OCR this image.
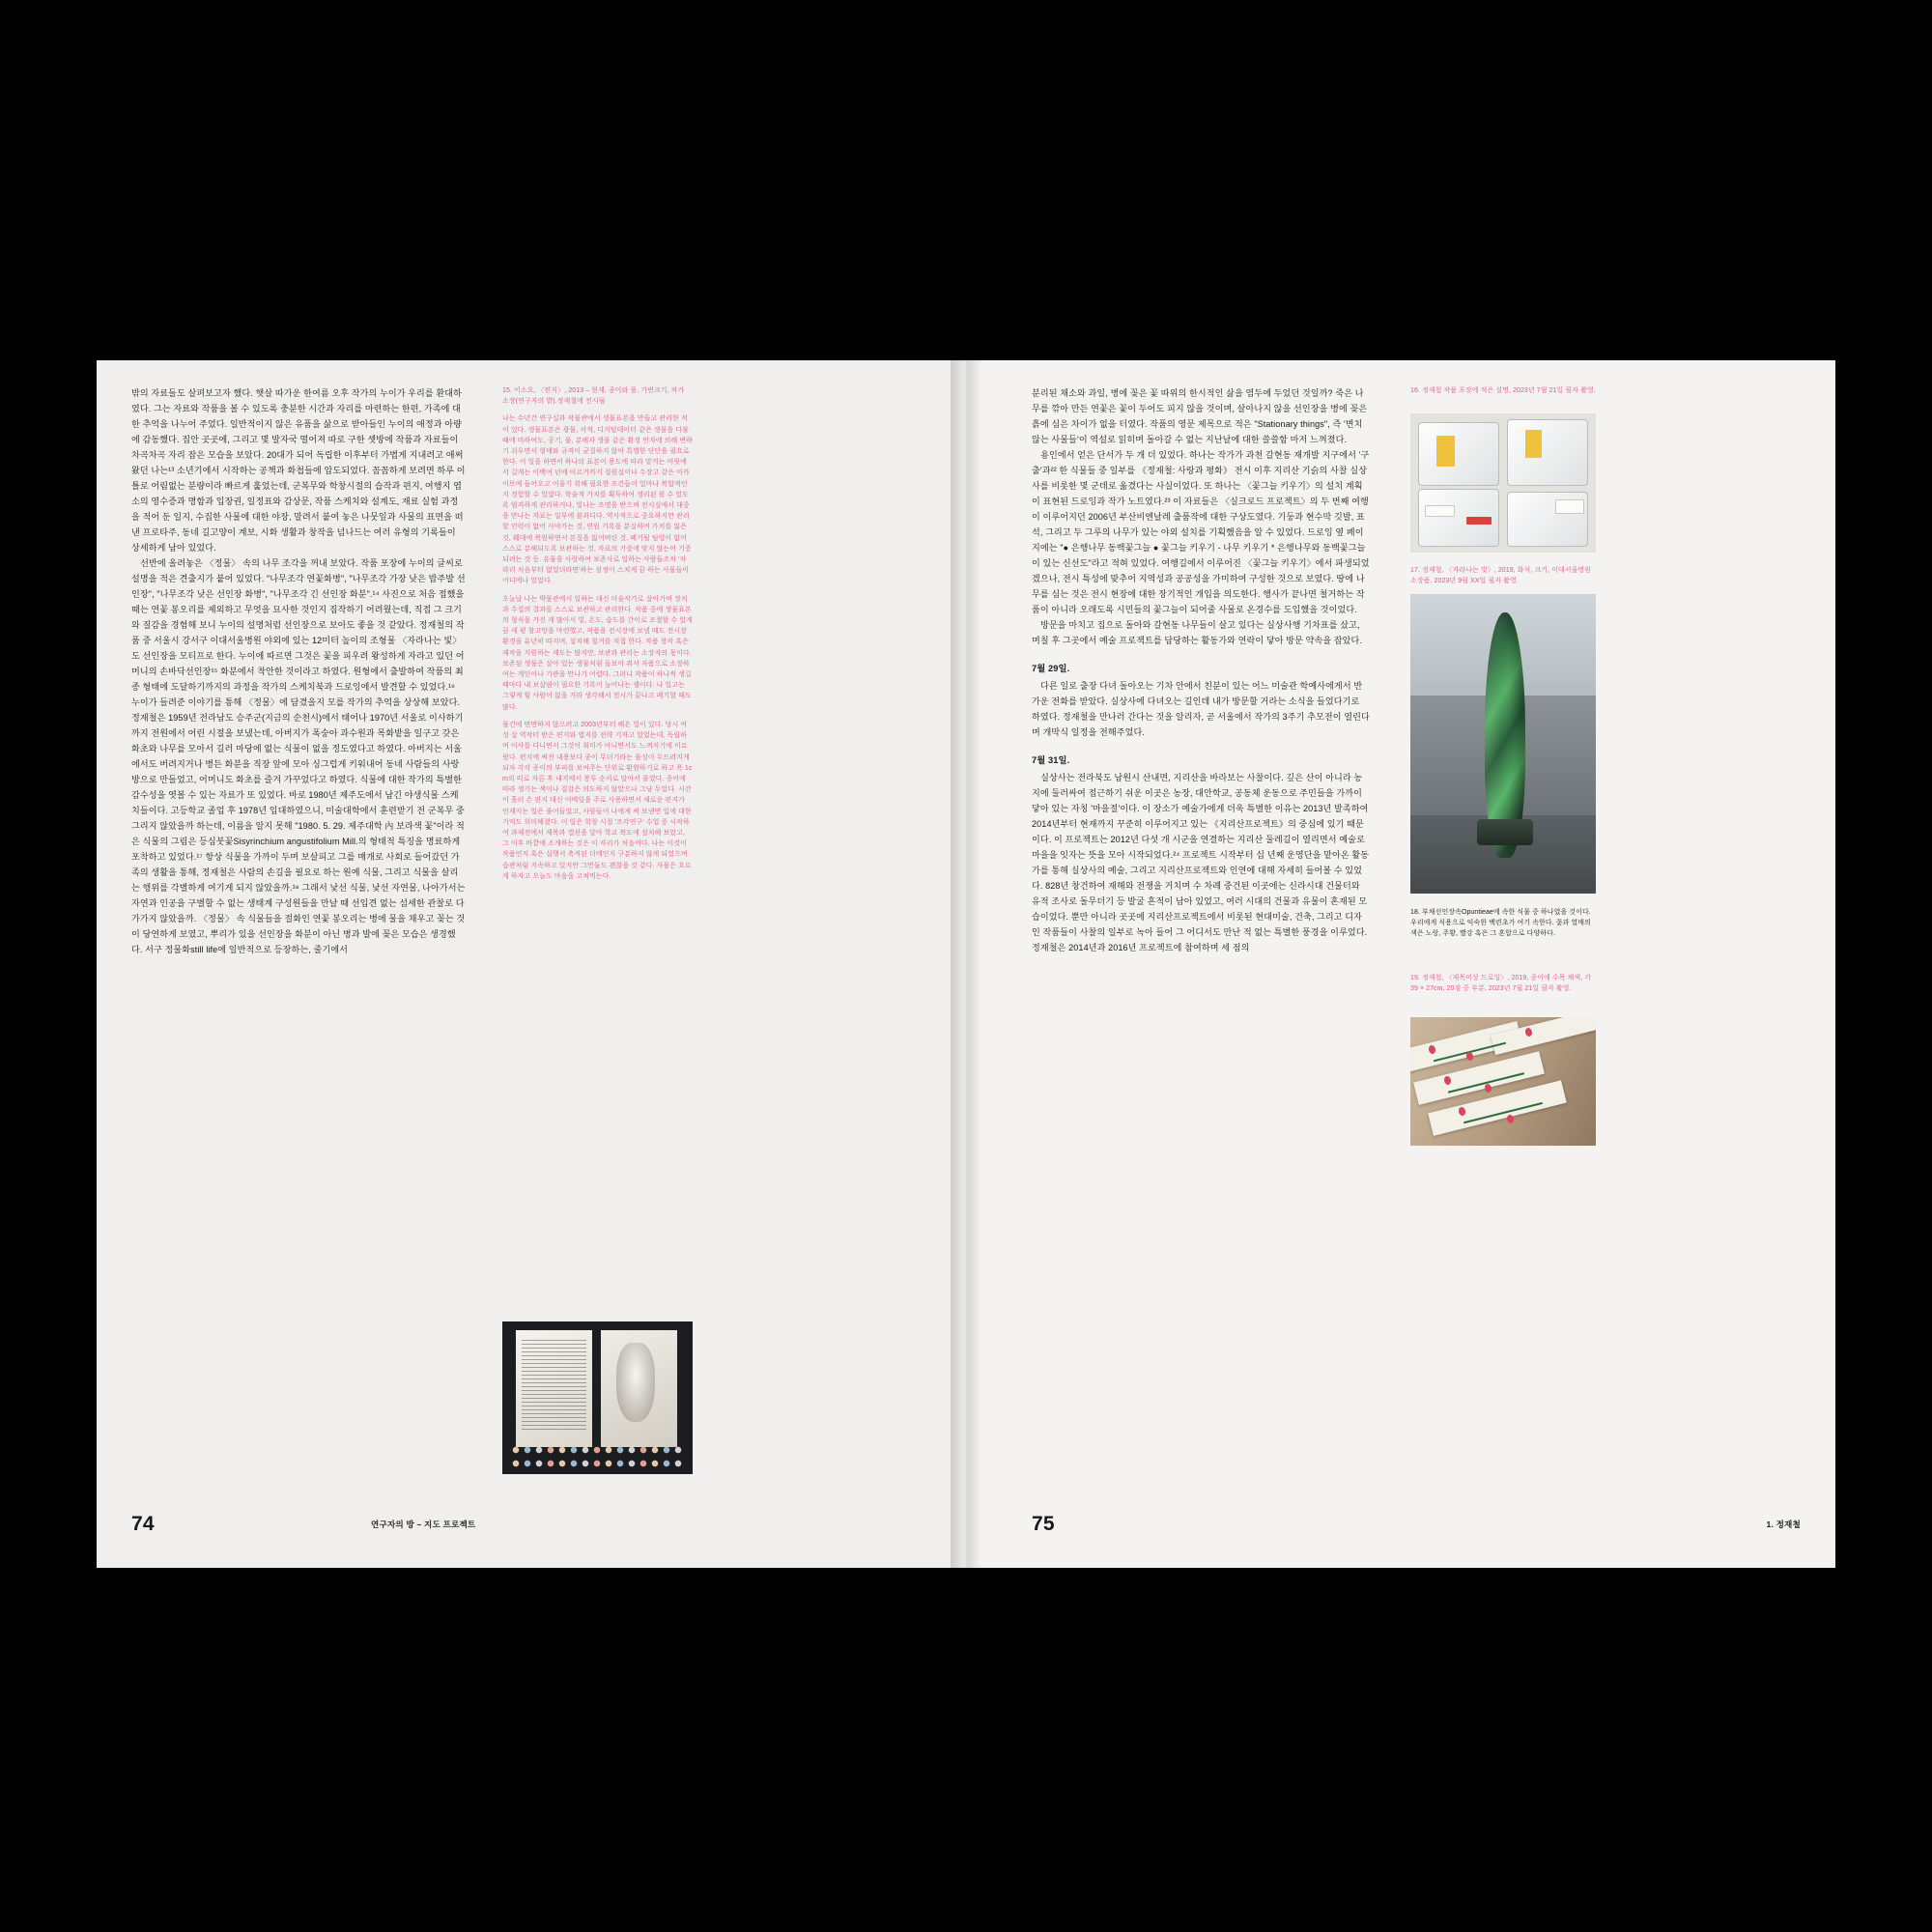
밖의 자료들도 살펴보고자 했다. 햇살 따가운 한여름 오후 작가의 누이가 우리를 환대하였다. 그는 자료와 작품을 볼 수 있도록 충분한 시간과 자리를 마련하는 한편, 가족에 대한 추억을 나누어 주었다. 일반적이지 않은 유품을 삶으로 받아들인 누이의 애정과 아량에 감동했다. 집안 곳곳에, 그리고 몇 발자국 떨어져 따로 구한 셋방에 작품과 자료들이 차곡차곡 자리 잡은 모습을 보았다. 20대가 되어 독립한 이후부터 가볍게 지내려고 애써왔던 나는¹³ 소년기에서 시작하는 공책과 화첩들에 압도되었다. 꼼꼼하게 보려면 하루 이틀로 어림없는 분량이라 빠르게 훑었는데, 군복무와 학창시절의 습작과 편지, 여행지 엽소의 영수증과 명함과 입장권, 일정표와 감상문, 작품 스케치와 설계도, 재료 실험 과정을 적어 둔 일지, 수집한 사물에 대한 야장, 말려서 붙여 놓은 나뭇잎과 사물의 표면을 떠낸 프로타주, 동네 길고양이 계보, 시화 생활과 창작을 넘나드는 여러 유형의 기록들이 상세하게 남아 있었다.

선반에 올려놓은 〈정물〉 속의 나무 조각을 꺼내 보았다. 작품 포장에 누이의 글씨로 설명을 적은 견출지가 붙어 있었다. "나무조각 연꽃화병", "나무조각 가장 낮은 밥주발 선인장", "나무조각 낮은 선인장 화병", "나무조각 긴 선인장 화분".¹⁴ 사진으로 처음 접했을 때는 연꽃 봉오리를 제외하고 무엇을 묘사한 것인지 짐작하기 어려웠는데, 직접 그 크기와 질감을 경험해 보니 누이의 설명처럼 선인장으로 보아도 좋을 것 같았다. 정재철의 작품 중 서울시 강서구 이대서울병원 야외에 있는 12미터 높이의 조형물 〈자라나는 빛〉도 선인장을 모티프로 한다. 누이에 따르면 그것은 꽃을 피우려 왕성하게 자라고 있던 어머니의 손바닥선인장¹⁵ 화분에서 착안한 것이라고 하였다. 원형에서 출발하여 작품의 최종 형태에 도달하기까지의 과정을 작가의 스케치북과 드로잉에서 발견할 수 있었다.¹⁶ 누이가 들려준 이야기를 통해 〈정물〉에 담겼을지 모를 작가의 추억을 상상해 보았다. 정재철은 1959년 전라남도 승주군(지금의 순천시)에서 태어나 1970년 서울로 이사하기까지 전원에서 어린 시절을 보냈는데, 아버지가 폭숭아 과수원과 목화밭을 일구고 갖은 화초와 나무를 모아서 길러 마당에 없는 식물이 없을 정도였다고 하였다. 아버지는 서울에서도 버려지거나 병든 화분을 직장 앞에 모아 싱그럽게 키워내어 동네 사람들의 사랑방으로 만들었고, 어머니도 화초를 즐겨 가꾸었다고 하였다. 식물에 대한 작가의 특별한 감수성을 엿볼 수 있는 자료가 또 있었다. 바로 1980년 제주도에서 남긴 야생식물 스케치들이다. 고등학교 졸업 후 1978년 입대하였으니, 미술대학에서 훈련받기 전 군복무 중 그리지 않았을까 하는데, 이름을 알지 못해 "1980. 5. 29. 제주대학 內 보라색 꽃"이라 적은 식물의 그림은 등심붓꽃Sisyrinchium angustifolium Mill.의 형태적 특징을 명료하게 포착하고 있었다.¹⁷ 항상 식물을 가까이 두며 보살피고 그를 매개로 사회로 들어갔던 가족의 생활을 통해, 정재철은 사람의 손길을 필요로 하는 원예 식물, 그리고 식물을 살리는 행위를 각별하게 여기게 되지 않았을까.¹⁸ 그래서 낯선 식물, 낯선 자연물, 나아가서는 자연과 인공을 구별할 수 없는 생태계 구성원들을 만날 때 선입견 없는 섬세한 관찰로 다가가지 않았을까. 〈정물〉 속 식물들을 절화인 연꽃 봉오리는 병에 물을 채우고 꽂는 것이 당연하게 보였고, 뿌리가 있을 선인장을 화분이 아닌 병과 발에 꽂은 모습은 생경했다. 서구 정물화still life에 일반적으로 등장하는, 줄기에서

15. 이소요, 〈편지〉, 2013 – 현재, 종이와 풀, 가변크기, 작가 소장(연구자의 밭).정재철에 전시됨

나는 수년간 연구실과 작물관에서 생물표본을 만들고 관리한 적이 있다. 생물표본은 광물, 서적, 디지털데이터 같은 생물을 다룰 때에 비하여도, 공기, 물, 분해자 생물 같은 환경 인자에 의해 변하기 쉬우면서 형태와 규격이 균질하지 않아 특별한 단단을 필요로 한다. 이 일을 하면서 하나의 표본이 용도에 따라 맡겨는 머릿에서 길게는 이백여 년에 이르기까지 질원실이나 수장고 같은 아카이브에 들어오고 어울기 위해 필요한 조건들이 얼마나 복합적인지 경험할 수 있었다. 학술적 가치를 획득하여 정리된 볼 수 있도록 엄격하게 관리하거나, 빛나는 조명을 받으며 전시실에서 대중을 만나는 자료는 일부에 불과디다. 역사적으로 중요하지만 관리할 인력이 없어 사야가는 것, 연원 기록을 분실하며 가치를 잃은 것, 훼대에 복원하면서 본질을 잃어버린 것, 폐기될 팀렬이 없어 스스로 분해되도록 보관하는 것, 자료의 기증에 맞지 않는어 기증되려는 것 등. 유물을 사랑하여 보존사로 일하는 사람들조차 '차라리 처음부터 없었더라면'하는 심정이 스치게 끔 하는 사물들이 어디에나 있었다.

오늘날 나는 박물관에서 일하는 대신 미술작가로 살아가며 장치과 수집의 결과를 스스로 보관하고 관리한다. 작품 중에 생물표본의 형식을 가진 게 많아서 빛, 온도, 습도를 간이로 조절할 수 있게끔 세 평 창고망을 마련했고, 작품을 전시장에 보낼 때도 전시장 환경을 유년히 따지며, 설치해 철거를 직접 한다. 작품 장작 혹은 제작을 지원하는 제도는 많지만, 보관과 관리는 소장자의 몫이다. 보존된 생물은 살아 있는 생물처럼 돌보아 줘서 자품으로 소장하여는 개인이나 기관을 만나기 어렵다. 그러니 작품이 하나씩 생길 때마다 내 보살핌이 필요한 기록이 늘어나는 셈이다. 나 일고는 그렇게 힘 사람이 없을 거라 생각해서 전시가 끝나고 폐기할 때도 많다.

물건에 면면하지 않으려고 2003년부터 해온 일이 있다. 당시 여성 살 역작터 받은 편지와 엽지를 전략 기자고 있었는데, 독립하며 이사를 다니면서 그것이 취미가 아니면서도 느껴지기에 이르렀다. 편지에 써진 내용보다 종이 무더기라는 물성이 두드러지게 되자 각각 종이의 부피를 보여주는 단위로 환원하기로 하고 폭 1cm의 띠로 자른 후 내지에서 봉투 순서로 말아서 붙였다. 종이에 따라 생기는 섹이나 질감은 의도하지 않았으나 그냥 두었다. 시간이 흘러 손 편지 대신 이메일을 주로 사용하면서 새로운 편지가 언제지는 일은 줄어들었고, 사람들이 나에게 써 보낸면 입에 대한 기억도 희미해졌다. 이 일은 학창 시절 '조각연구' 수업 중 시작하여 과제전에서 제목과 캡션을 달아 학교 복도에 설치해 보았고, 그 이후 바깥에 소개하는 것은 이 자리가 처음이다. 나는 이것이 작품인지 혹은 실행서 축적된 더메인지 구분하지 않게 되었으며 습관처럼 지속하고 있지만 그만둘도 괜찮을 것 같다. 사물은 흐르게 하자고 오늘도 마음을 고쳐먹는다.

74	연구자의 방 – 지도 프로젝트

분리된 채소와 과일, 병에 꽂은 꽃 따위의 한시적인 삶을 염두에 두었던 것일까? 죽은 나무를 깎아 만든 연꽃은 꽃이 두어도 피지 않을 것이며, 살아나지 않을 선인장을 병에 꽂은 흙에 심은 차이가 없을 터였다. 작품의 영문 제목으로 적은 "Stationary things", 즉 '변치 않는 사물들'이 역설로 읽히며 돌아갈 수 없는 지난날에 대한 쓸쓸함 마저 느껴졌다.

용인에서 얻은 단서가 두 개 더 있었다. 하나는 작가가 과천 갈현동 재개발 지구에서 '구출'과²² 한 식물들 중 일부를 《정재철: 사랑과 평화》 전시 이후 지리산 기슭의 사찰 실상사를 비롯한 몇 군데로 옮겼다는 사실이었다. 또 하나는 〈꽃그늘 키우기〉의 설치 계획이 표현된 드로잉과 작가 노트였다.²³ 이 자료들은 〈실크로드 프로젝트〉의 두 번째 여행이 이루어지던 2006년 부산비엔날레 출품작에 대한 구상도였다. 기둥과 현수막 깃발, 표석, 그리고 두 그루의 나무가 있는 야외 설치를 기획했음을 알 수 있었다. 드로잉 옆 페이지에는 "● 은행나무 동백꽃그늘 ● 꽃그늘 키우기 - 나무 키우기 * 은행나무와 동백꽃그늘이 있는 신선도"라고 적혀 있었다. 여행길에서 이루어진 〈꽃그늘 키우기〉에서 파생되었겠으나, 전시 특성에 맞추어 지역성과 공공성을 가미하여 구성한 것으로 보였다. 땅에 나무를 심는 것은 전시 현장에 대한 장기적인 개입을 의도한다. 행사가 끝나면 철거하는 작품이 아니라 오래도록 시민들의 꽃그늘이 되어줄 사물로 온경수를 도입했을 것이었다.

방문을 마치고 집으로 돌아와 갈현동 나무들이 살고 있다는 실상사행 기차표를 샀고, 며칠 후 그곳에서 예술 프로젝트를 담당하는 활동가와 연락이 닿아 방문 약속을 잡았다.

7월 29일.

다른 일로 출장 다녀 돌아오는 기차 안에서 친분이 있는 어느 미술관 학예사에게서 반가운 전화를 받았다. 실상사에 다녀오는 길인데 내가 방문할 거라는 소식을 들었다기로 하였다. 정재철을 만나러 간다는 것을 알리자, 곧 서울에서 작가의 3주기 추모전이 열린다며 개막식 일정을 전해주었다.

7월 31일.

실상사는 전라북도 남원시 산내면, 지리산을 바라보는 사찰이다. 깊은 산이 아니라 농지에 둘러싸여 접근하기 쉬운 이곳은 농장, 대안학교, 공동체 운동으로 주민들을 가까이 닿아 있는 자칭 '마을절'이다. 이 장소가 예술가에게 더욱 특별한 이유는 2013년 발족하여 2014년부터 현재까지 꾸준히 이루어지고 있는 《지리산프로젝트》의 중심에 있기 때문이다. 이 프로젝트는 2012년 다섯 개 시군을 연결하는 지리산 둘레길이 열리면서 예술로 마을을 잇자는 뜻을 모아 시작되었다.²⁴ 프로젝트 시작부터 십 년째 운영단을 맡아온 활동가를 통해 실상사의 예술, 그리고 지리산프로젝트와 인연에 대해 자세히 들어볼 수 있었다. 828년 창건하여 재해와 전쟁을 거치며 수 차례 중건된 이곳에는 신라시대 건물터와 유적 조사로 돌무더기 등 발굴 흔적이 남아 있었고, 여러 시대의 건물과 유물이 혼재된 모습이었다. 뿐만 아니라 곳곳에 지리산프로젝트에서 비롯된 현대미술, 건축, 그리고 디자인 작품들이 사찰의 일부로 녹아 들어 그 어디서도 만난 적 없는 특별한 풍경을 이루었다. 정재철은 2014년과 2016년 프로젝트에 참여하며 세 점의

16. 정재철 작품 포장에 적은 설명, 2023년 7월 21일 필자 촬영.
17. 정재철, 〈자라나는 빛〉, 2019, 화석, 크기, 이대서울병원 소장품, 2023년 9월 XX일 필자 촬영.
18. 부채선인장속Opuntieae에 속한 식물 중 하나였을 것이다. 우리에게 식용으로 익숙한 백련초가 여기 속한다. 꽃과 열매의 색은 노랑, 주황, 빨강 혹은 그 혼합으로 다양하다.
19. 정재철, 〈제목미상 드로잉〉, 2019, 종이에 수목 채색, 각 39 × 27cm, 20점 중 부분, 2023년 7월 21일 필자 촬영.
75	1. 정재철
